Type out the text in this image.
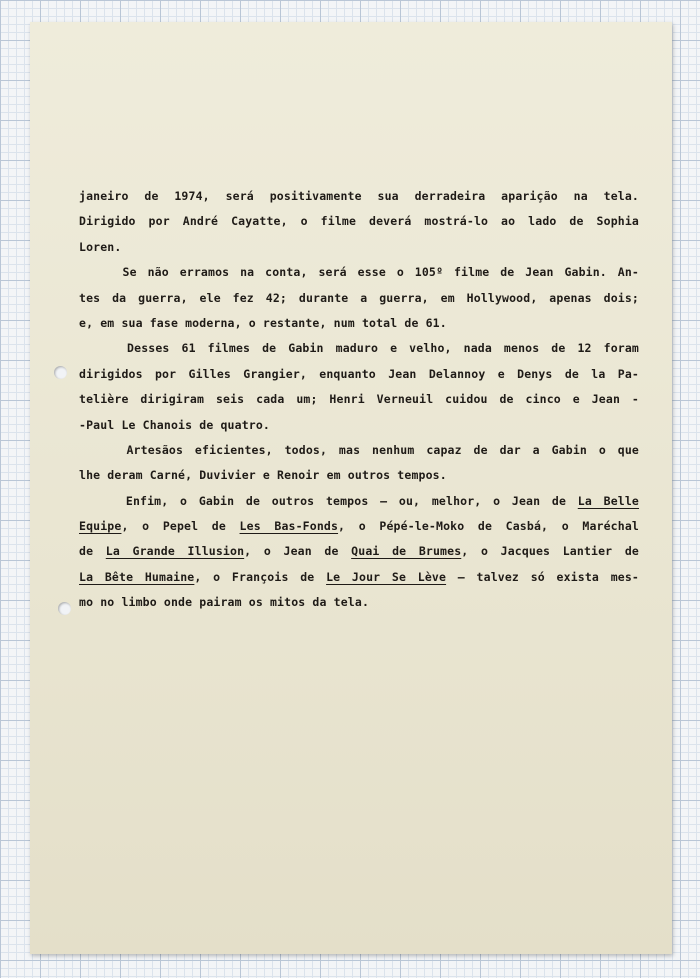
janeiro de 1974, será positivamente sua derradeira aparição na tela.
Dirigido por André Cayatte, o filme deverá mostrá-lo ao lado de Sophia
Loren.
Se não erramos na conta, será esse o 105º filme de Jean Gabin. An-
tes da guerra, ele fez 42; durante a guerra, em Hollywood, apenas dois;
e, em sua fase moderna, o restante, num total de 61.
Desses 61 filmes de Gabin maduro e velho, nada menos de 12 foram
dirigidos por Gilles Grangier, enquanto Jean Delannoy e Denys de la Pa-
telière dirigiram seis cada um; Henri Verneuil cuidou de cinco e Jean -
-Paul Le Chanois de quatro.
Artesãos eficientes, todos, mas nenhum capaz de dar a Gabin o que
lhe deram Carné, Duvivier e Renoir em outros tempos.
Enfim, o Gabin de outros tempos — ou, melhor, o Jean de La Belle
Equipe, o Pepel de Les Bas-Fonds, o Pépé-le-Moko de Casbá, o Maréchal
de La Grande Illusion, o Jean de Quai de Brumes, o Jacques Lantier de
La Bête Humaine, o François de Le Jour Se Lève — talvez só exista mes-
mo no limbo onde pairam os mitos da tela.
